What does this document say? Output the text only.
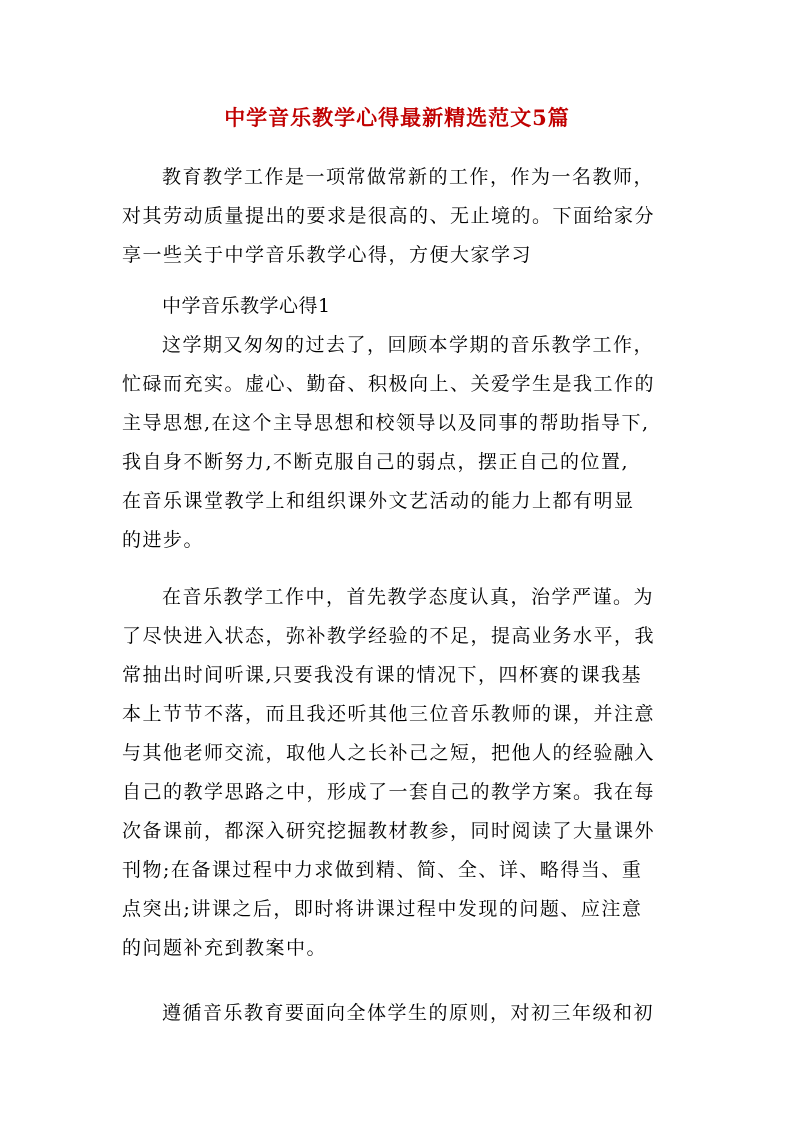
中学音乐教学心得最新精选范文5篇
教育教学工作是一项常做常新的工作，作为一名教师，
对其劳动质量提出的要求是很高的、无止境的。下面给家分
享一些关于中学音乐教学心得，方便大家学习
中学音乐教学心得1
这学期又匆匆的过去了，回顾本学期的音乐教学工作，
忙碌而充实。虚心、勤奋、积极向上、关爱学生是我工作的
主导思想,在这个主导思想和校领导以及同事的帮助指导下,
我自身不断努力,不断克服自己的弱点，摆正自己的位置,
在音乐课堂教学上和组织课外文艺活动的能力上都有明显
的进步。
在音乐教学工作中，首先教学态度认真，治学严谨。为
了尽快进入状态，弥补教学经验的不足，提高业务水平，我
常抽出时间听课,只要我没有课的情况下，四杯赛的课我基
本上节节不落，而且我还听其他三位音乐教师的课，并注意
与其他老师交流，取他人之长补己之短，把他人的经验融入
自己的教学思路之中，形成了一套自己的教学方案。我在每
次备课前，都深入研究挖掘教材教参，同时阅读了大量课外
刊物;在备课过程中力求做到精、简、全、详、略得当、重
点突出;讲课之后，即时将讲课过程中发现的问题、应注意
的问题补充到教案中。
遵循音乐教育要面向全体学生的原则，对初三年级和初
